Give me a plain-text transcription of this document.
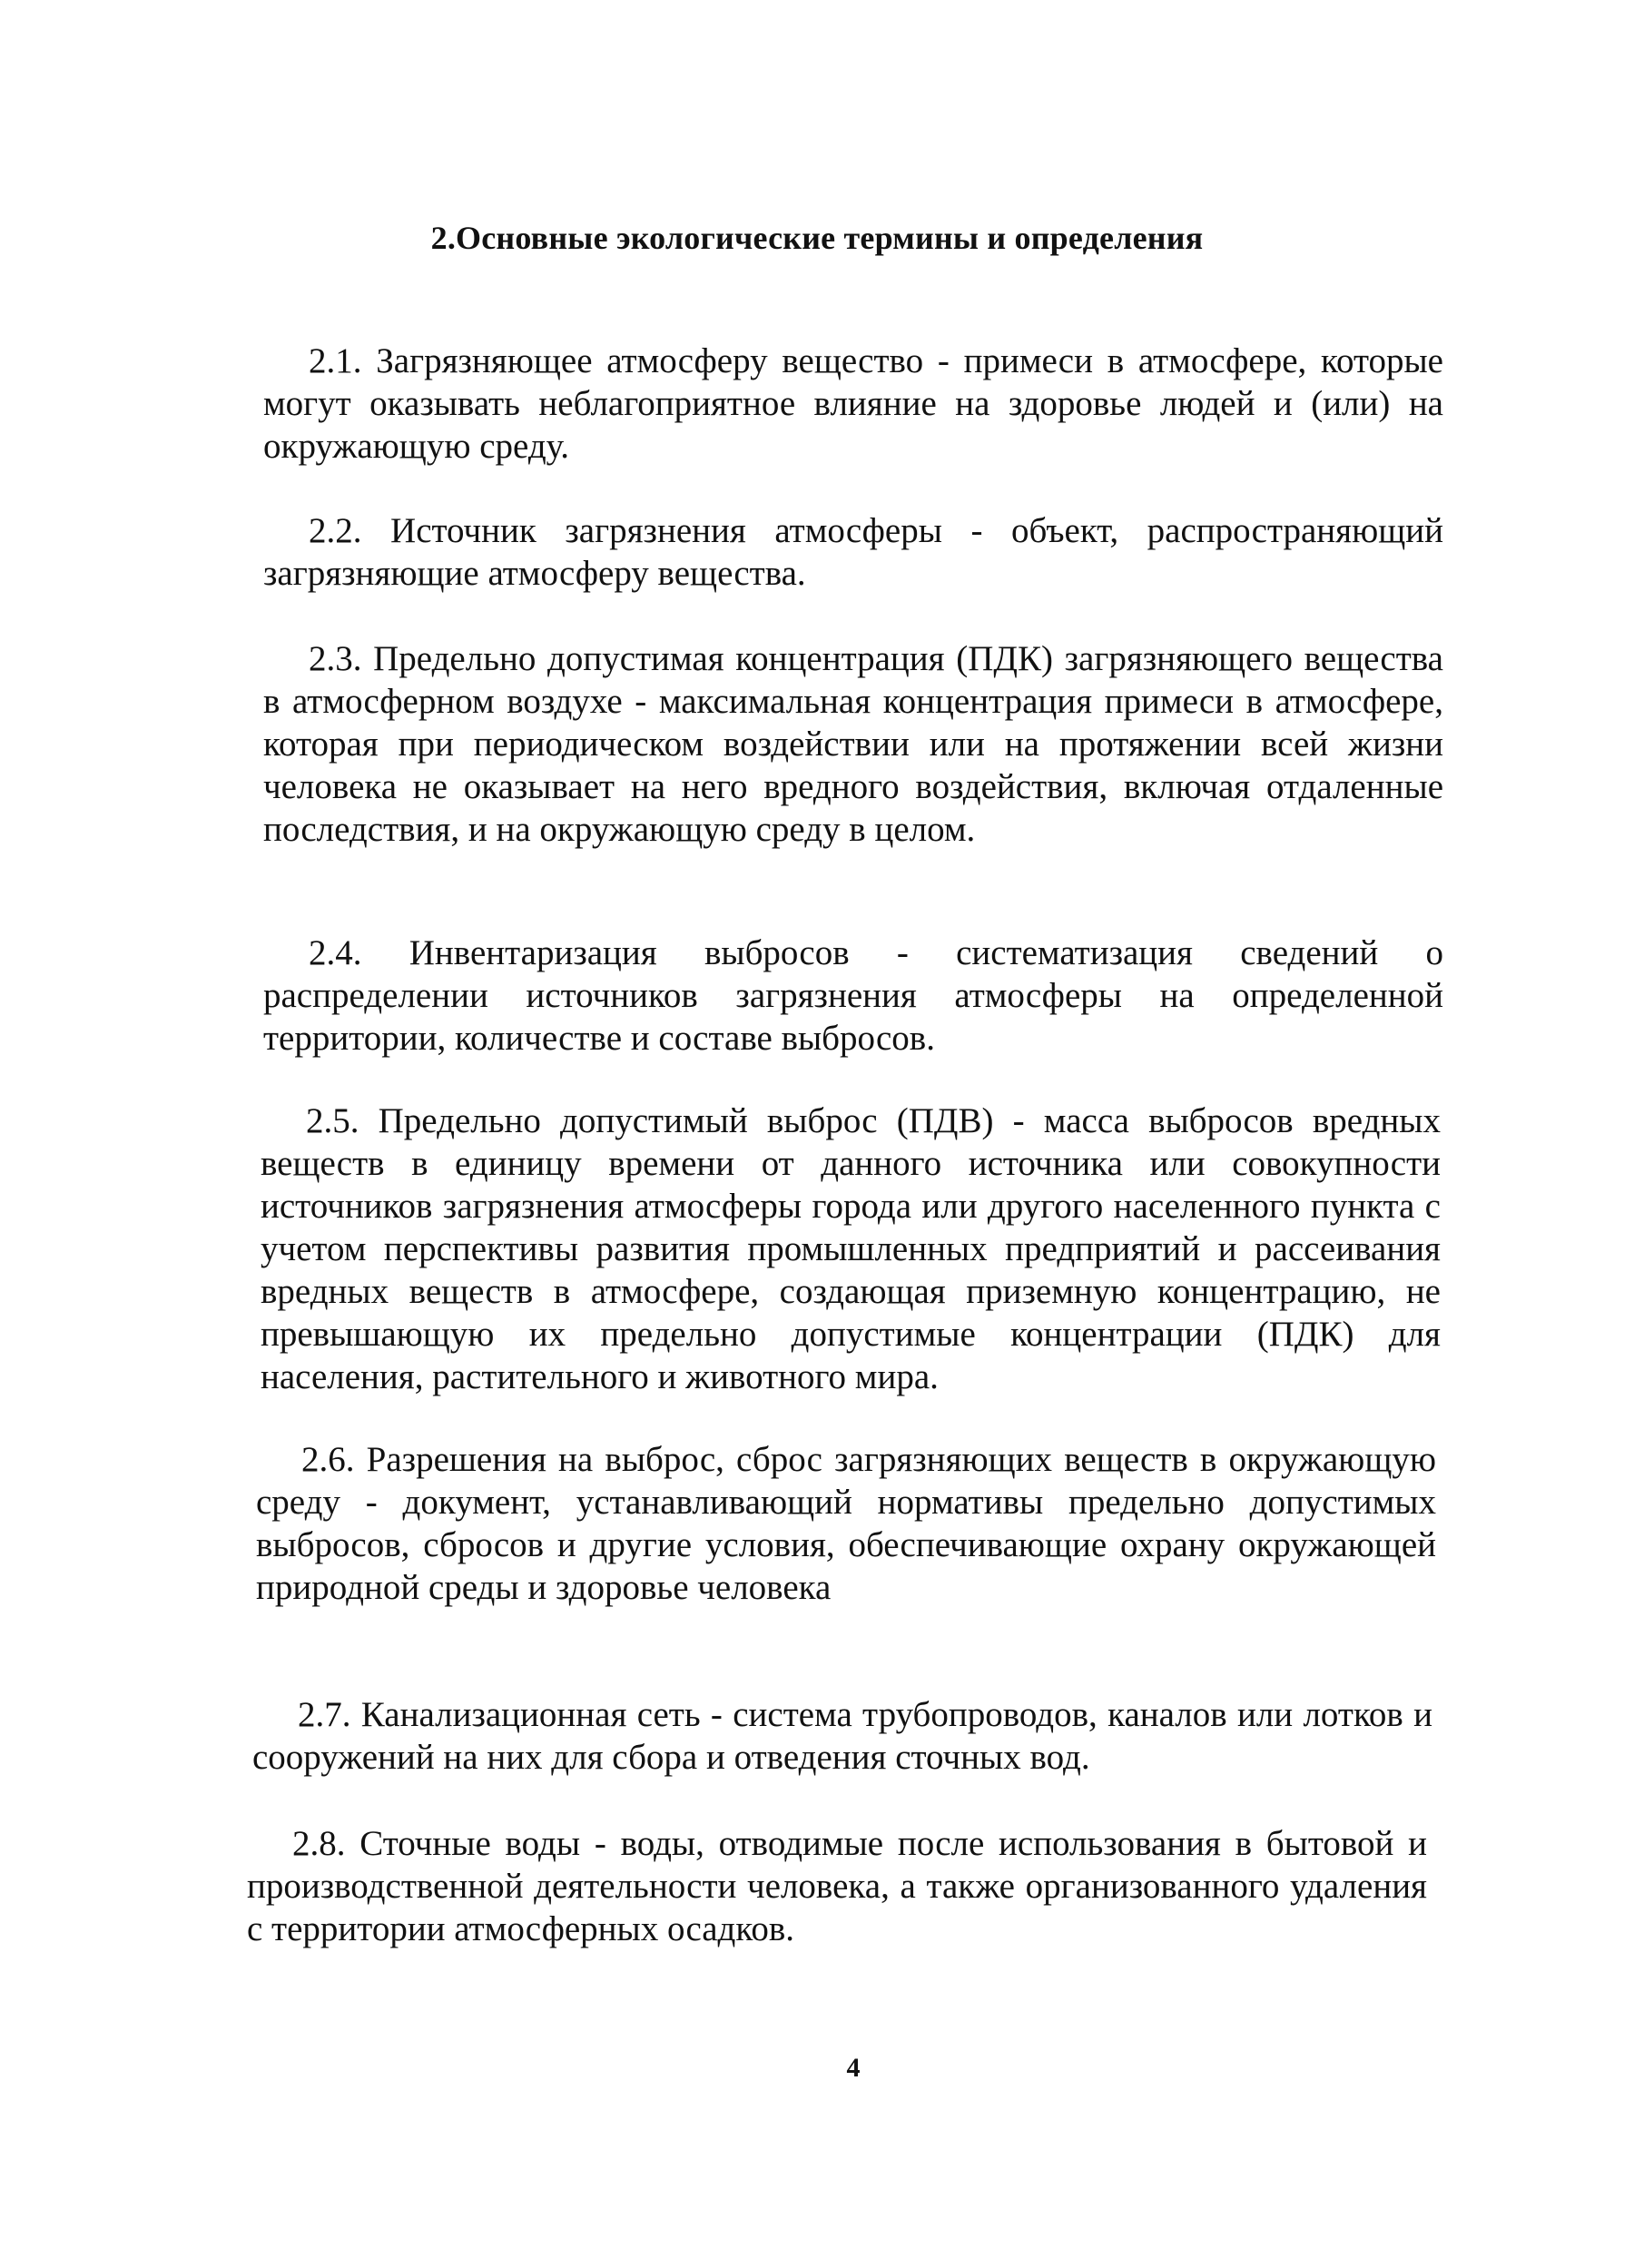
2.Основные экологические термины и определения

2.1. Загрязняющее атмосферу вещество - примеси в атмосфере, которые могут оказывать неблагоприятное влияние на здоровье людей и (или) на окружающую среду.

2.2. Источник загрязнения атмосферы - объект, распространяющий загрязняющие атмосферу вещества.

2.3. Предельно допустимая концентрация (ПДК) загрязняющего вещества в атмосферном воздухе - максимальная концентрация примеси в атмосфере, которая при периодическом воздействии или на протяжении всей жизни человека не оказывает на него вредного воздействия, включая отдаленные последствия, и на окружающую среду в целом.

2.4. Инвентаризация выбросов - систематизация сведений о распределении источников загрязнения атмосферы на определенной территории, количестве и составе выбросов.

2.5. Предельно допустимый выброс (ПДВ) - масса выбросов вредных веществ в единицу времени от данного источника или совокупности источников загрязнения атмосферы города или другого населенного пункта с учетом перспективы развития промышленных предприятий и рассеивания вредных веществ в атмосфере, создающая приземную концентрацию, не превышающую их предельно допустимые концентрации (ПДК) для населения, растительного и животного мира.

2.6. Разрешения на выброс, сброс загрязняющих веществ в окружающую среду - документ, устанавливающий нормативы предельно допустимых выбросов, сбросов и другие условия, обеспечивающие охрану окружающей природной среды и здоровье человека

2.7. Канализационная сеть - система трубопроводов, каналов или лотков и сооружений на них для сбора и отведения сточных вод.

2.8. Сточные воды - воды, отводимые после использования в бытовой и производственной деятельности человека, а также организованного удаления с территории атмосферных осадков.

4
